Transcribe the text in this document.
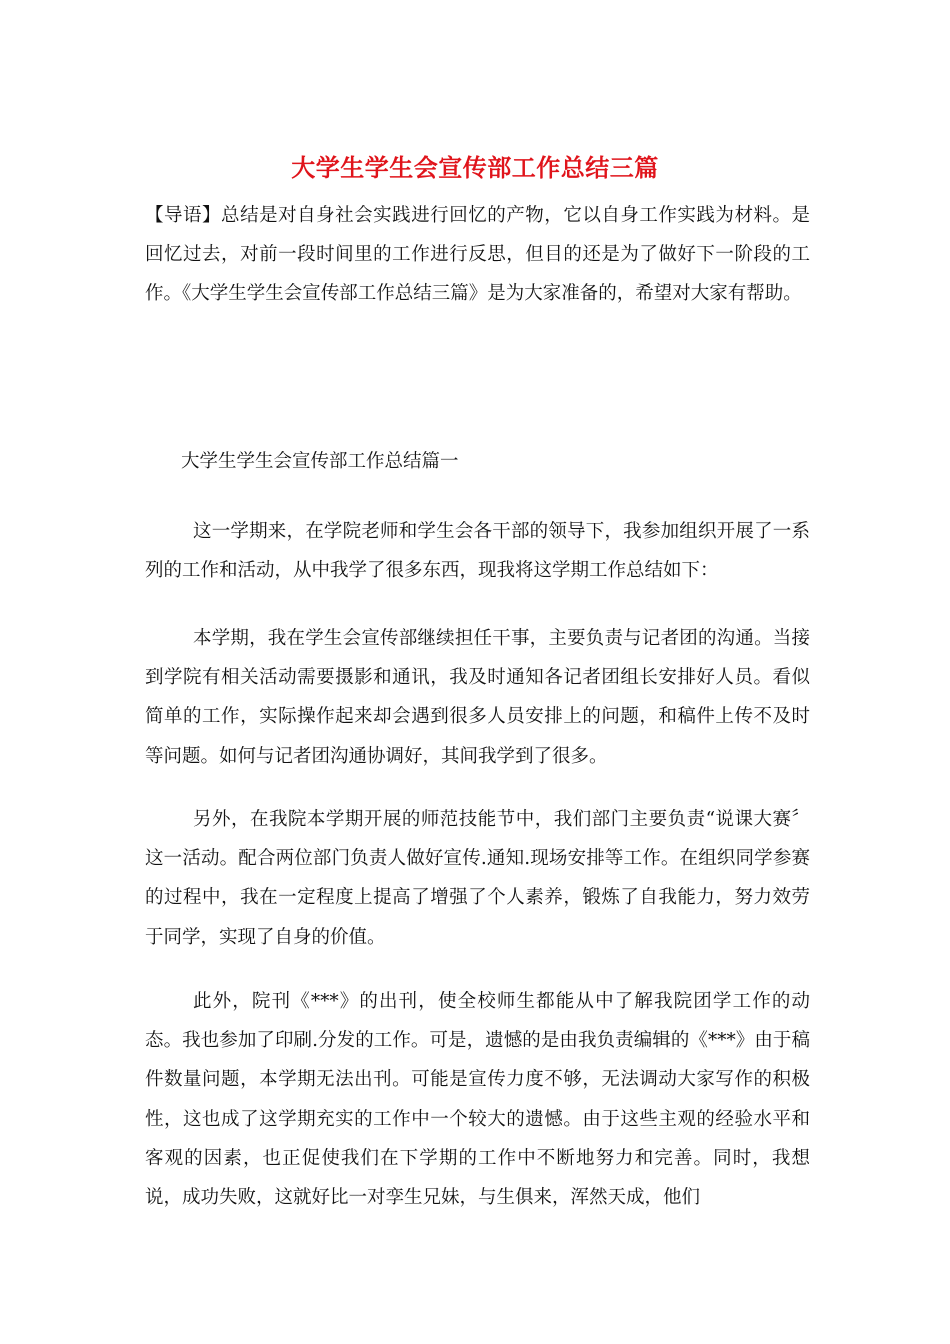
大学生学生会宣传部工作总结三篇
【导语】总结是对自身社会实践进行回忆的产物，它以自身工作实践为材料。是回忆过去，对前一段时间里的工作进行反思，但目的还是为了做好下一阶段的工作。《大学生学生会宣传部工作总结三篇》是为大家准备的，希望对大家有帮助。
大学生学生会宣传部工作总结篇一
这一学期来，在学院老师和学生会各干部的领导下，我参加组织开展了一系列的工作和活动，从中我学了很多东西，现我将这学期工作总结如下：
本学期，我在学生会宣传部继续担任干事，主要负责与记者团的沟通。当接到学院有相关活动需要摄影和通讯，我及时通知各记者团组长安排好人员。看似简单的工作，实际操作起来却会遇到很多人员安排上的问题，和稿件上传不及时等问题。如何与记者团沟通协调好，其间我学到了很多。
另外，在我院本学期开展的师范技能节中，我们部门主要负责“说课大赛〞这一活动。配合两位部门负责人做好宣传.通知.现场安排等工作。在组织同学参赛的过程中，我在一定程度上提高了增强了个人素养，锻炼了自我能力，努力效劳于同学，实现了自身的价值。
此外，院刊《***》的出刊，使全校师生都能从中了解我院团学工作的动态。我也参加了印刷.分发的工作。可是，遗憾的是由我负责编辑的《***》由于稿件数量问题，本学期无法出刊。可能是宣传力度不够，无法调动大家写作的积极性，这也成了这学期充实的工作中一个较大的遗憾。由于这些主观的经验水平和客观的因素，也正促使我们在下学期的工作中不断地努力和完善。同时，我想说，成功失败，这就好比一对孪生兄妹，与生俱来，浑然天成，他们
